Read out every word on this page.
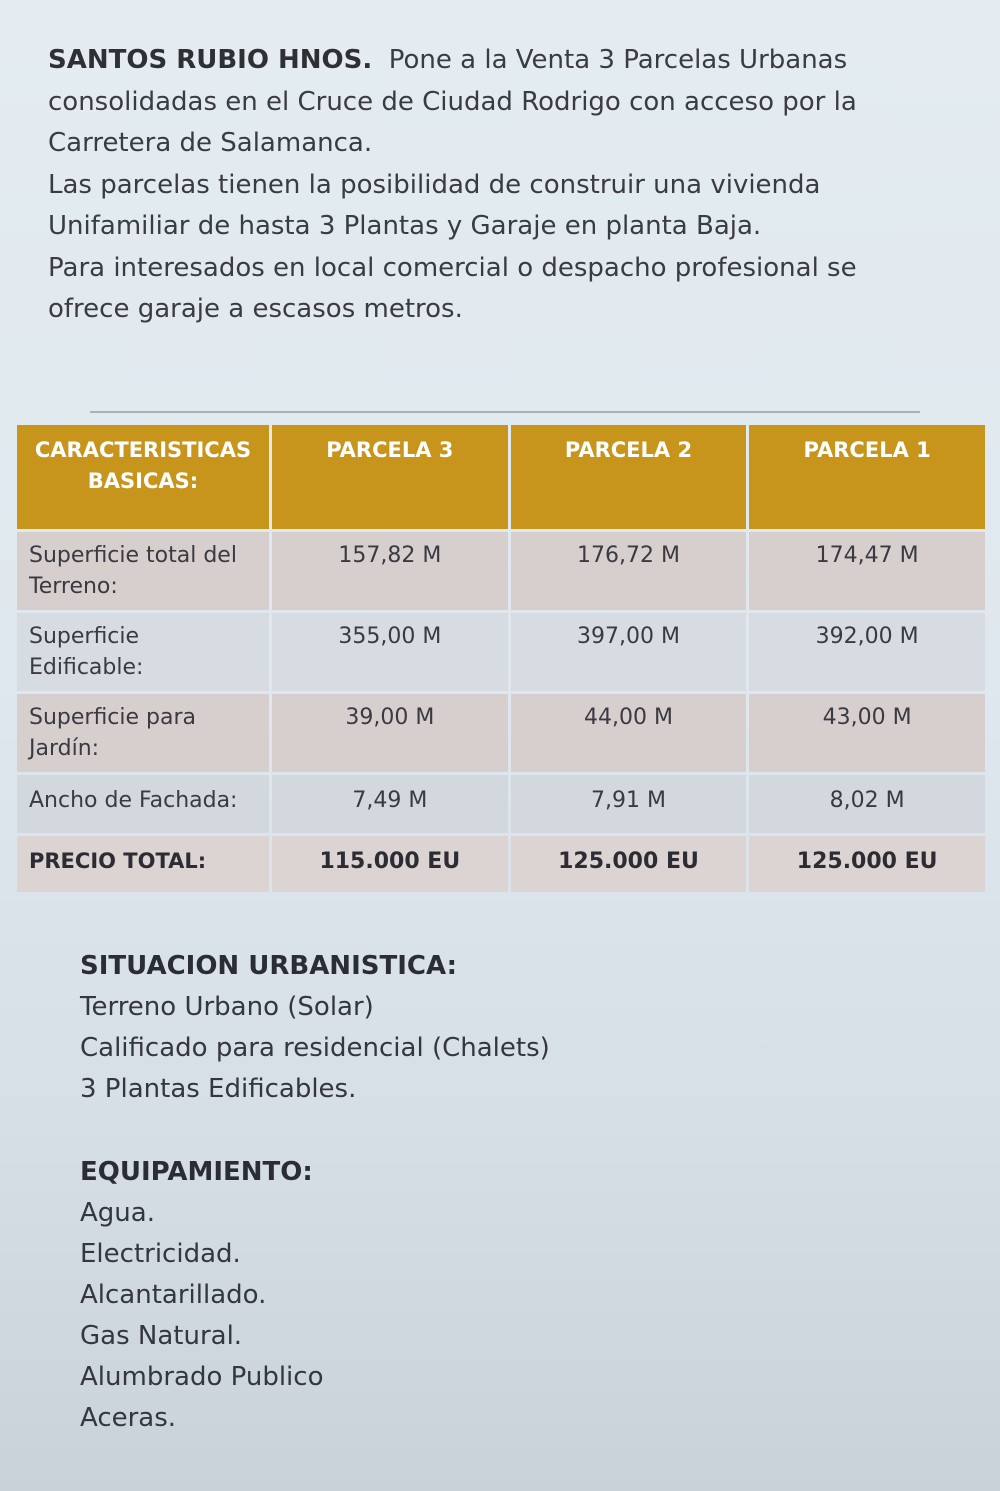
SANTOS RUBIO HNOS. Pone a la Venta 3 Parcelas Urbanas

consolidadas en el Cruce de Ciudad Rodrigo con acceso por la

Carretera de Salamanca.

Las parcelas tienen la posibilidad de construir una vivienda

Unifamiliar de hasta 3 Plantas y Garaje en planta Baja.

Para interesados en local comercial o despacho profesional se

ofrece garaje a escasos metros.

CARACTERISTICAS BASICAS:	PARCELA 3	PARCELA 2	PARCELA 1
Superficie total del Terreno:	157,82 M	176,72 M	174,47 M
Superficie Edificable:	355,00 M	397,00 M	392,00 M
Superficie para Jardín:	39,00 M	44,00 M	43,00 M
Ancho de Fachada:	7,49 M	7,91 M	8,02 M
PRECIO TOTAL:	115.000 EU	125.000 EU	125.000 EU
SITUACION URBANISTICA:

Terreno Urbano (Solar)

Calificado para residencial (Chalets)

3 Plantas Edificables.

EQUIPAMIENTO:

Agua.

Electricidad.

Alcantarillado.

Gas Natural.

Alumbrado Publico

Aceras.
